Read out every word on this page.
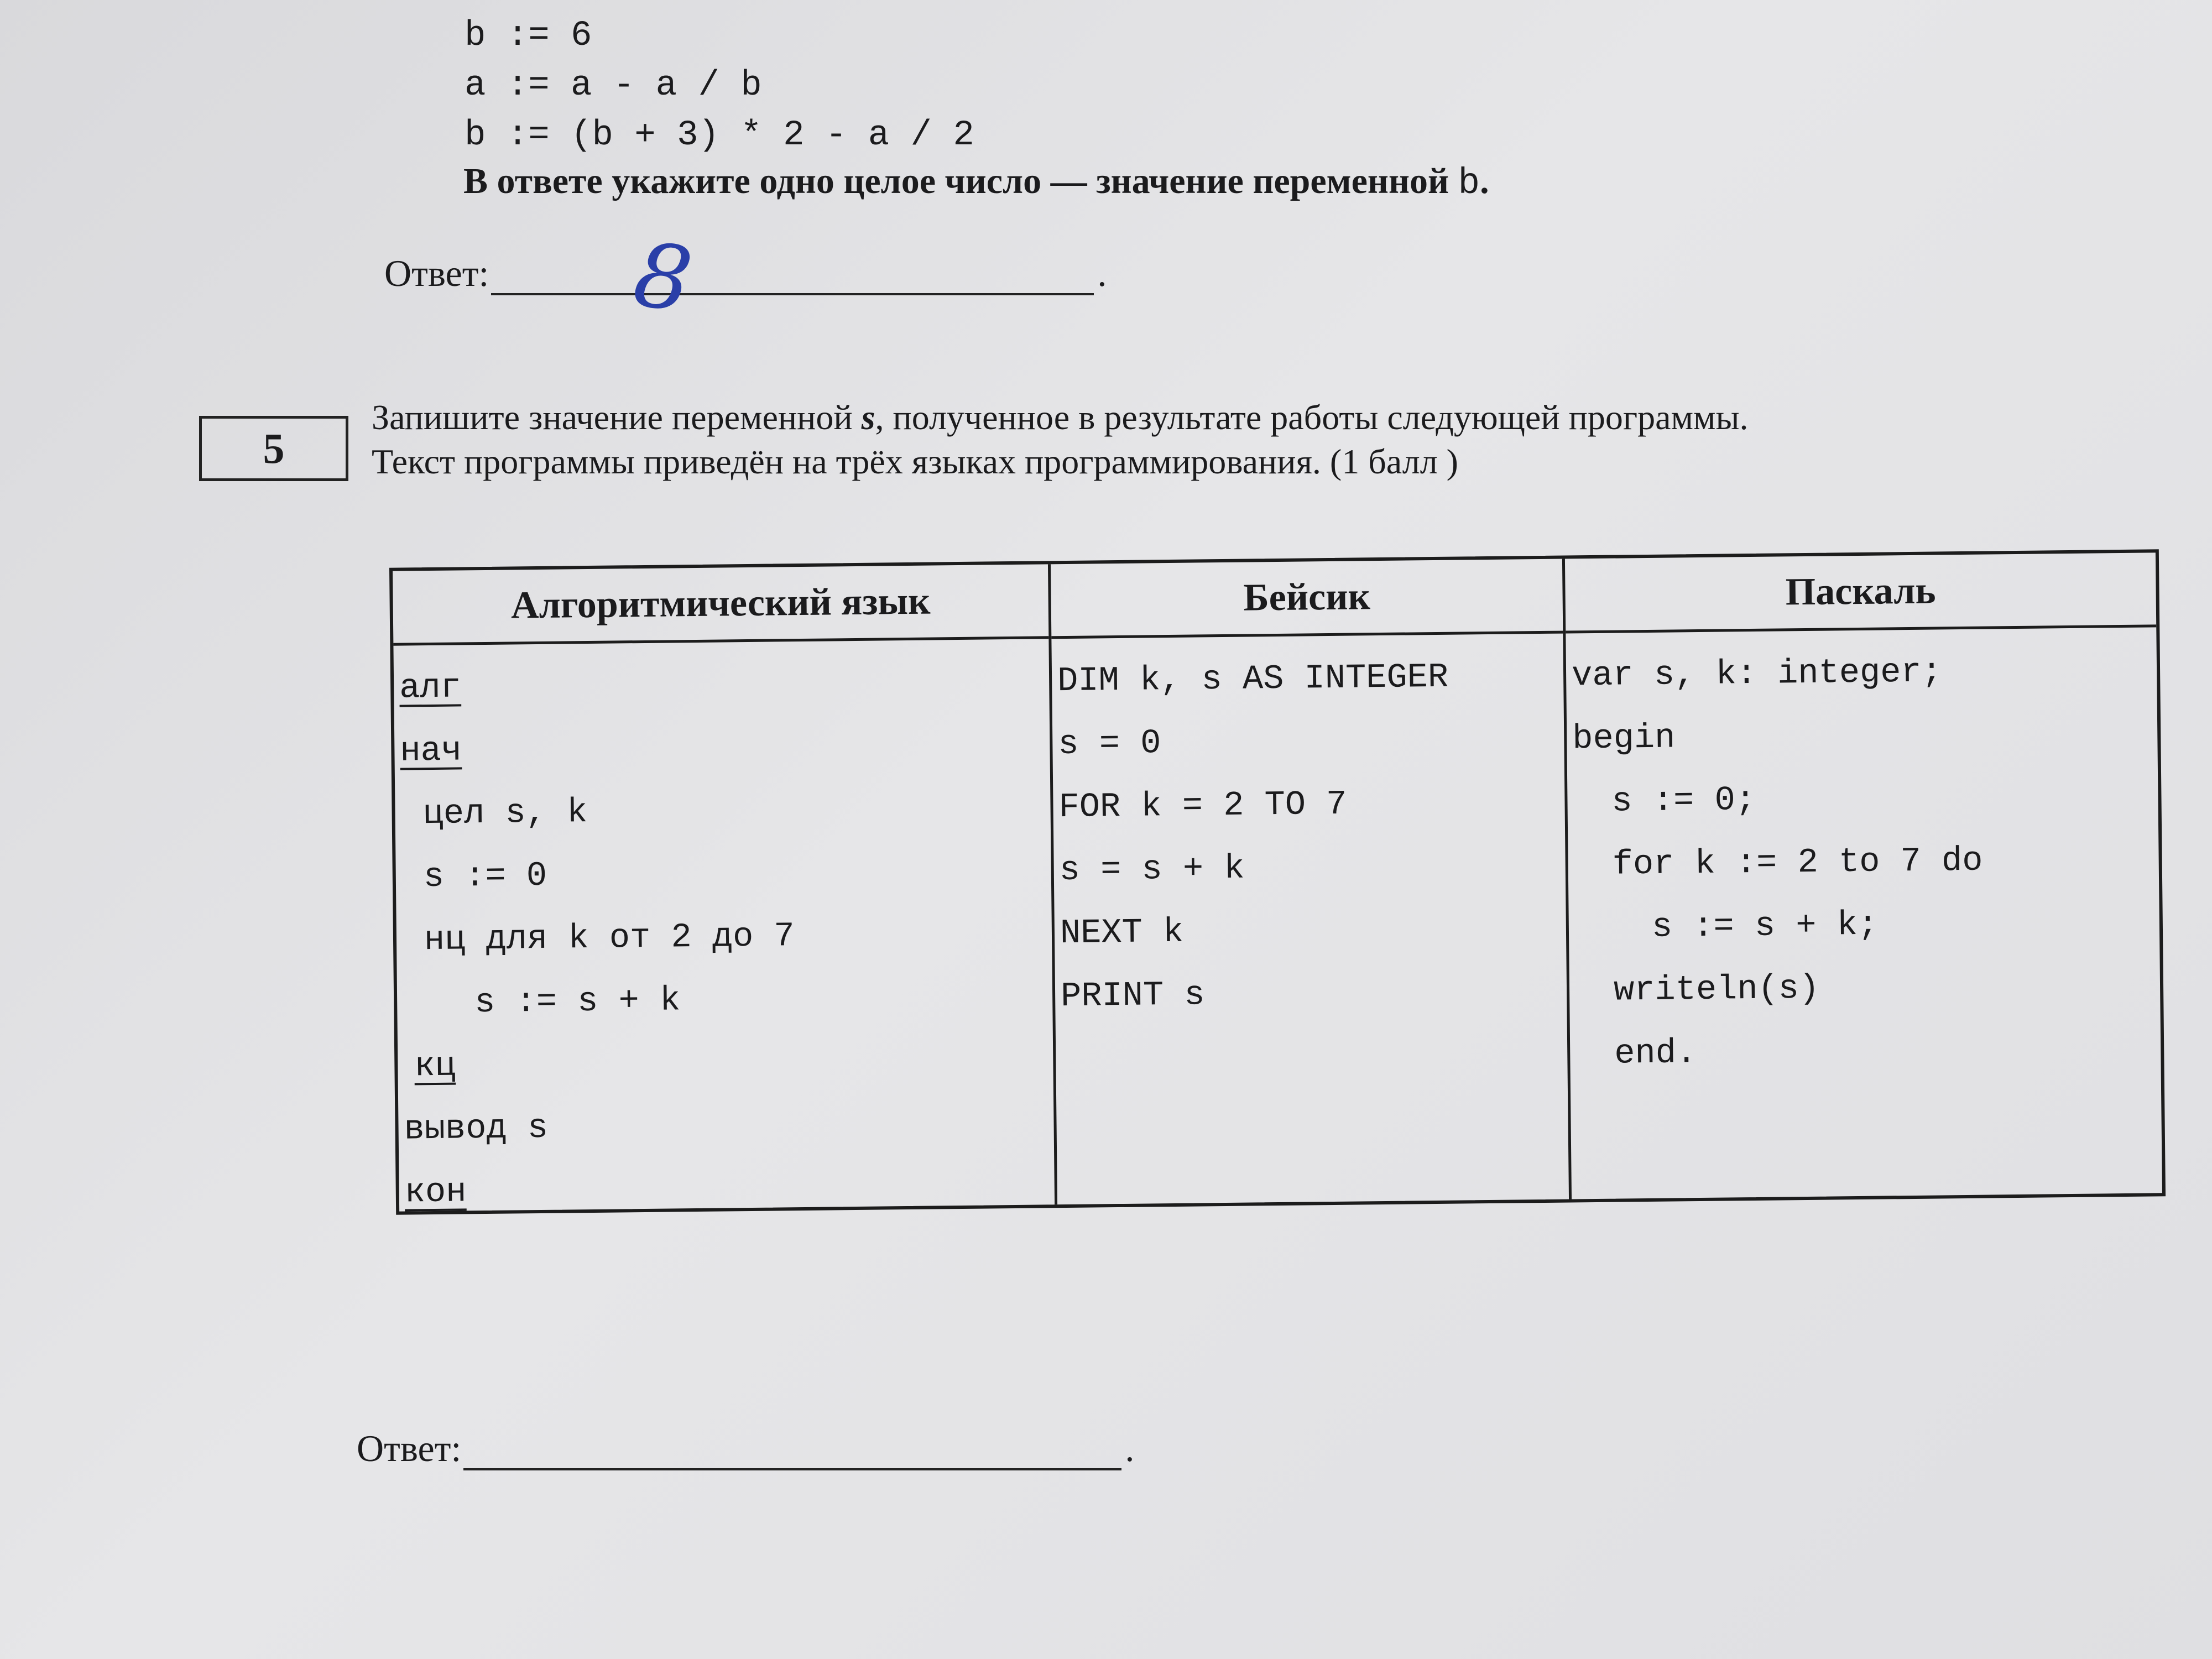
b := 6
a := a - a / b
b := (b + 3) * 2 - a / 2
В ответе укажите одно целое число — значение переменной b.
Ответ: 8	.
5
Запишите значение переменной s, полученное в результате работы следующей программы.
Текст программы приведён на трёх языках программирования. (1 балл )
Алгоритмический язык
алг
нач
цел s, k
s := 0
нц для k от 2 до 7
s := s + k
кц
вывод s
кон
Бейсик
DIM k, s AS INTEGER
s = 0
FOR k = 2 TO 7
s = s + k
NEXT k
PRINT s
Паскаль
var s, k: integer;
begin
s := 0;
for k := 2 to 7 do
s := s + k;
writeln(s)
end.
Ответ:	.
